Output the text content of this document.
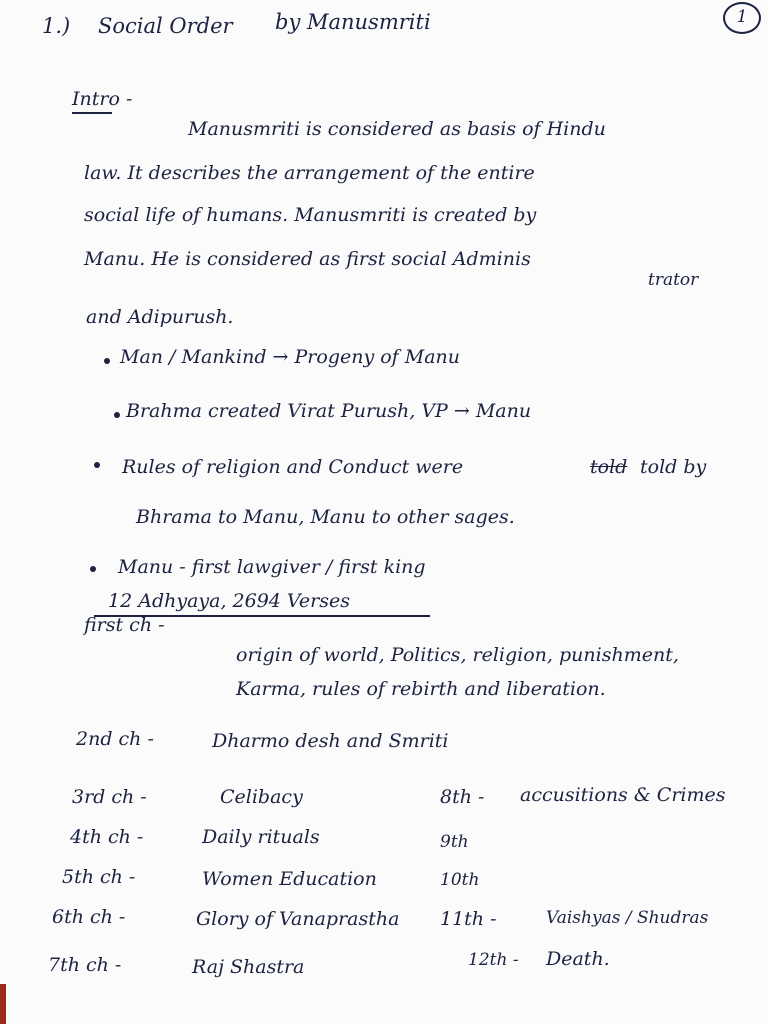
1.) Social Order by Manusmriti	1
Intro -
Manusmriti is considered as basis of Hindu
law. It describes the arrangement of the entire
social life of humans. Manusmriti is created by
Manu. He is considered as first social Adminis
trator
and Adipurush.
Man / Mankind → Progeny of Manu
Brahma created Virat Purush, VP → Manu
Rules of religion and Conduct were	told told by
Bhrama to Manu, Manu to other sages.
Manu - first lawgiver / first king
12 Adhyaya, 2694 Verses
first ch -
origin of world, Politics, religion, punishment,
Karma, rules of rebirth and liberation.
2nd ch -	Dharmo desh and Smriti
3rd ch -	Celibacy
4th ch -	Daily rituals
5th ch -	Women Education
6th ch -	Glory of Vanaprastha
7th ch -	Raj Shastra
8th - accusitions & Crimes
9th
10th
11th -	Vaishyas / Shudras
12th - Death.
